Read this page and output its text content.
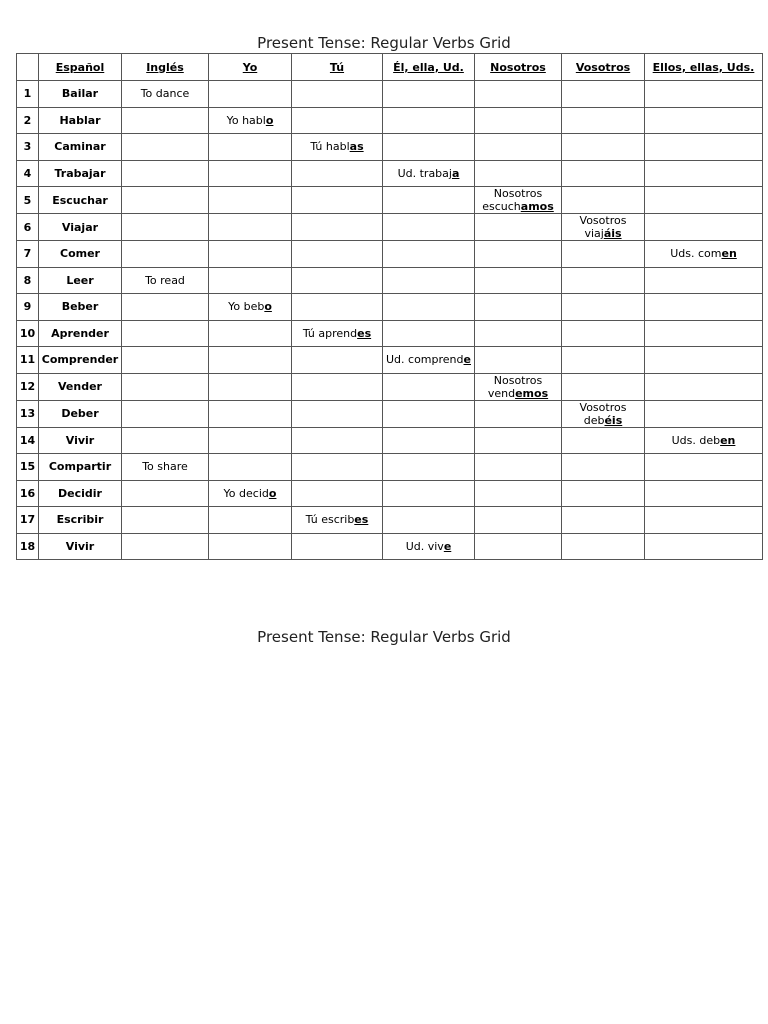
Present Tense: Regular Verbs Grid
	Español	Inglés	Yo	Tú	Él, ella, Ud.	Nosotros	Vosotros	Ellos, ellas, Uds.
1	Bailar	To dance						
2	Hablar		Yo hablo					
3	Caminar			Tú hablas				
4	Trabajar				Ud. trabaja			
5	Escuchar					Nosotros escuchamos		
6	Viajar						Vosotros viajáis	
7	Comer							Uds. comen
8	Leer	To read						
9	Beber		Yo bebo					
10	Aprender			Tú aprendes				
11	Comprender				Ud. comprende			
12	Vender					Nosotros vendemos		
13	Deber						Vosotros debéis	
14	Vivir							Uds. deben
15	Compartir	To share						
16	Decidir		Yo decido					
17	Escribir			Tú escribes				
18	Vivir				Ud. vive			
Present Tense: Regular Verbs Grid
